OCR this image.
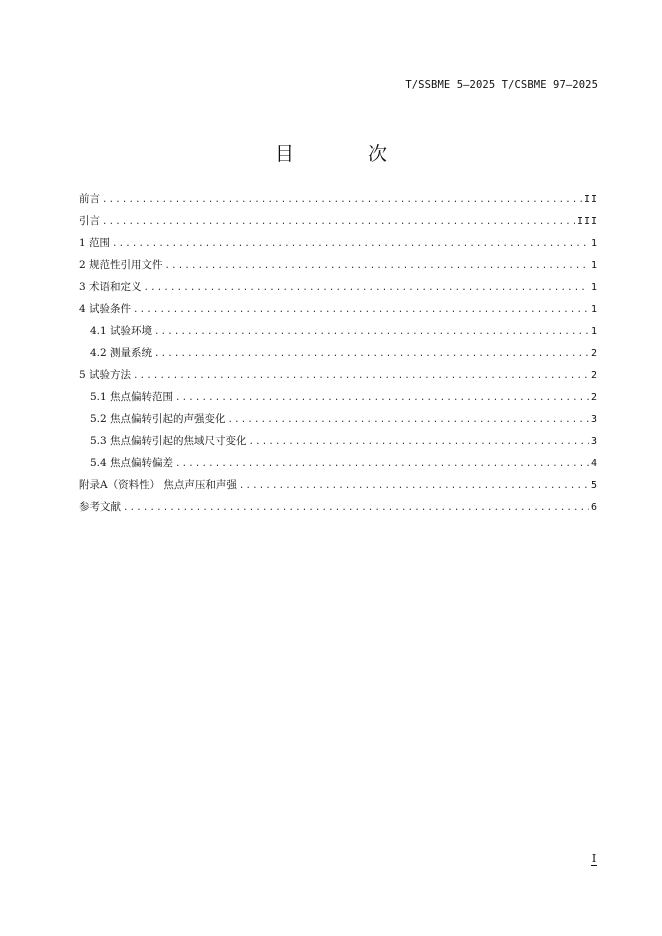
T/SSBME 5—2025 T/CSBME 97—2025
目 次
前言 .....	II
引言 .....	III
1 范围 .....	1
2 规范性引用文件 .....	1
3 术语和定义 .....	1
4 试验条件 .....	1
4.1 试验环境 .....	1
4.2 测量系统 .....	2
5 试验方法 .....	2
5.1 焦点偏转范围 .....	2
5.2 焦点偏转引起的声强变化 .....	3
5.3 焦点偏转引起的焦域尺寸变化 .....	3
5.4 焦点偏转偏差 .....	4
附录A（资料性） 焦点声压和声强 .....	5
参考文献 .....	6
I
